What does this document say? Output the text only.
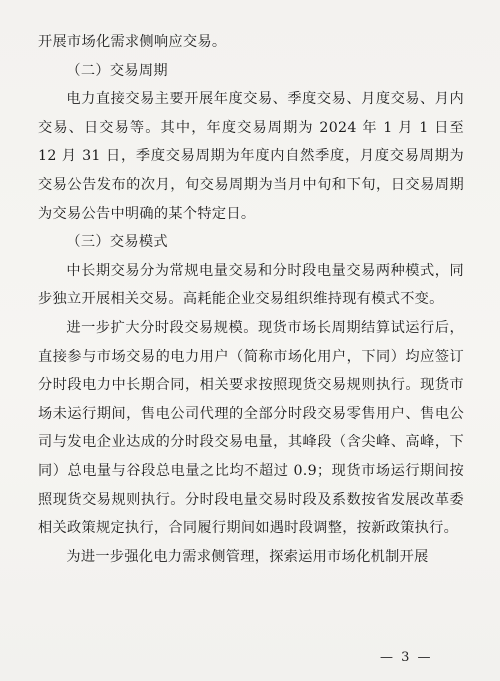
开展市场化需求侧响应交易。

（二）交易周期

电力直接交易主要开展年度交易、季度交易、月度交易、月内交易、日交易等。其中，年度交易周期为 2024 年 1 月 1 日至 12 月 31 日，季度交易周期为年度内自然季度，月度交易周期为交易公告发布的次月，旬交易周期为当月中旬和下旬，日交易周期为交易公告中明确的某个特定日。

（三）交易模式

中长期交易分为常规电量交易和分时段电量交易两种模式，同步独立开展相关交易。高耗能企业交易组织维持现有模式不变。

进一步扩大分时段交易规模。现货市场长周期结算试运行后，直接参与市场交易的电力用户（简称市场化用户，下同）均应签订分时段电力中长期合同，相关要求按照现货交易规则执行。现货市场未运行期间，售电公司代理的全部分时段交易零售用户、售电公司与发电企业达成的分时段交易电量，其峰段（含尖峰、高峰，下同）总电量与谷段总电量之比均不超过 0.9；现货市场运行期间按照现货交易规则执行。分时段电量交易时段及系数按省发展改革委相关政策规定执行，合同履行期间如遇时段调整，按新政策执行。

为进一步强化电力需求侧管理，探索运用市场化机制开展

— 3 —
